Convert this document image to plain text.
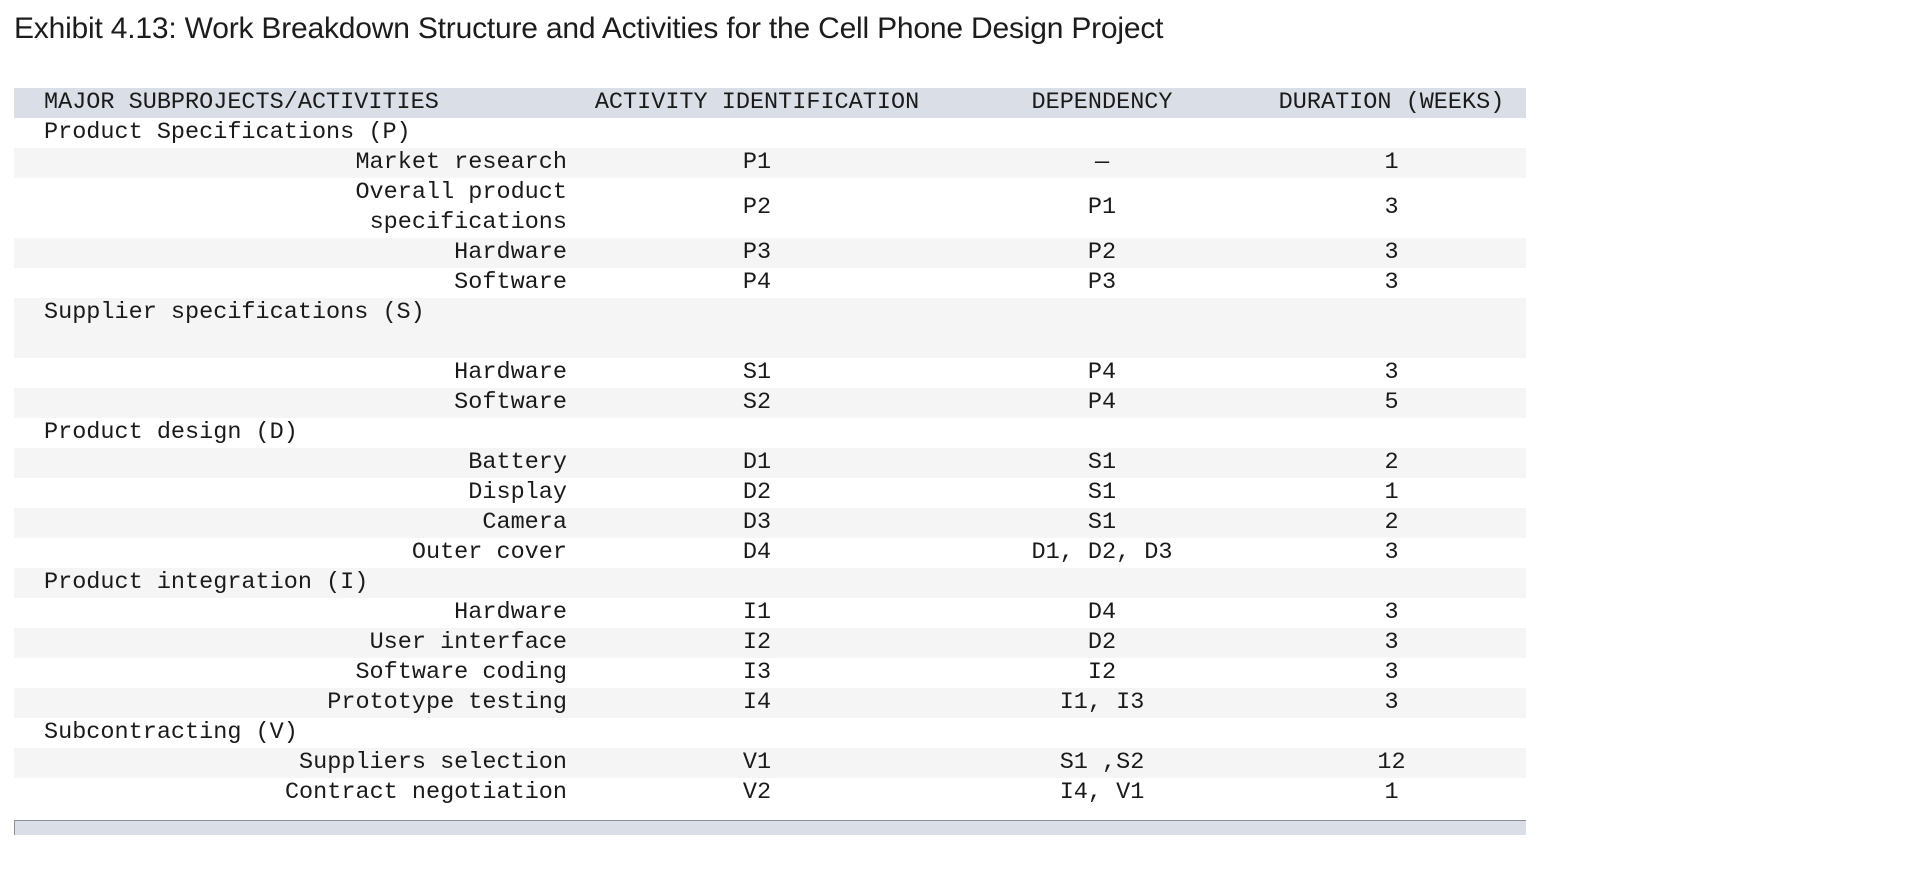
Exhibit 4.13: Work Breakdown Structure and Activities for the Cell Phone Design Project
MAJOR SUBPROJECTS/ACTIVITIES	ACTIVITY IDENTIFICATION	DEPENDENCY	DURATION (WEEKS)
Product Specifications (P)			
Market research	P1	—	1
Overall product specifications	P2	P1	3
Hardware	P3	P2	3
Software	P4	P3	3
Supplier specifications (S)			
Hardware	S1	P4	3
Software	S2	P4	5
Product design (D)			
Battery	D1	S1	2
Display	D2	S1	1
Camera	D3	S1	2
Outer cover	D4	D1, D2, D3	3
Product integration (I)			
Hardware	I1	D4	3
User interface	I2	D2	3
Software coding	I3	I2	3
Prototype testing	I4	I1, I3	3
Subcontracting (V)			
Suppliers selection	V1	S1 ,S2	12
Contract negotiation	V2	I4, V1	1
